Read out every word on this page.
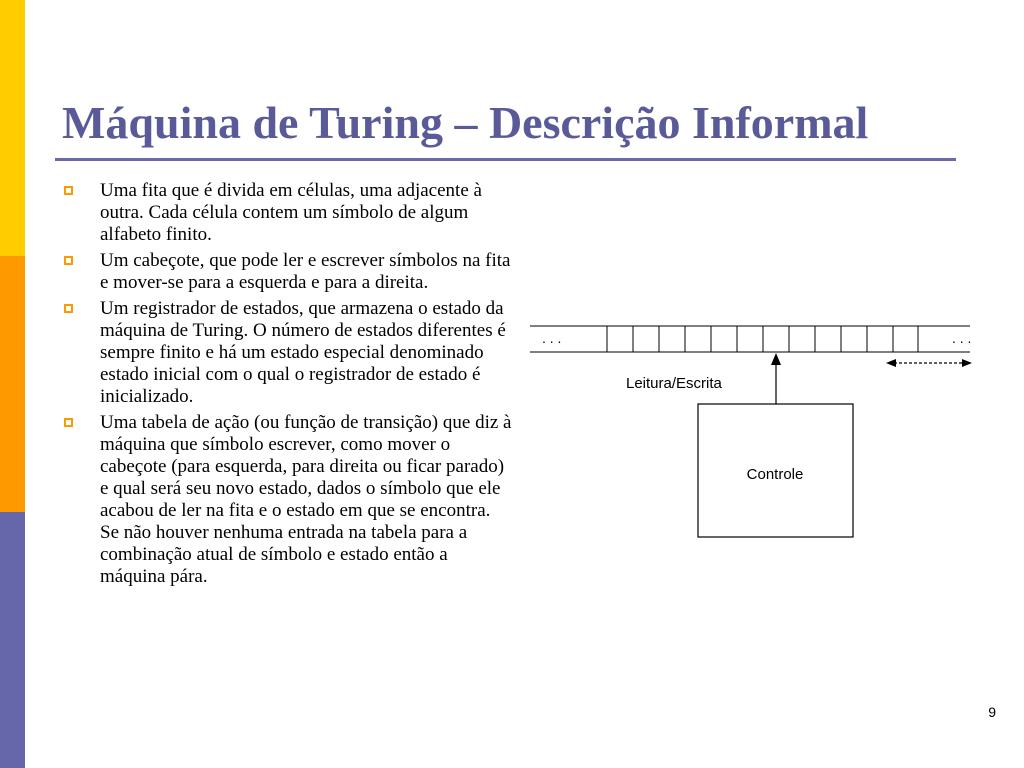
Máquina de Turing – Descrição Informal
Uma fita que é divida em células, uma adjacente à outra. Cada célula contem um símbolo de algum alfabeto finito.
Um cabeçote, que pode ler e escrever símbolos na fita e mover-se para a esquerda e para a direita.
Um registrador de estados, que armazena o estado da máquina de Turing. O número de estados diferentes é sempre finito e há um estado especial denominado estado inicial com o qual o registrador de estado é inicializado.
Uma tabela de ação (ou função de transição) que diz à máquina que símbolo escrever, como mover o cabeçote (para esquerda, para direita ou ficar parado) e qual será seu novo estado, dados o símbolo que ele acabou de ler na fita e o estado em que se encontra. Se não houver nenhuma entrada na tabela para a combinação atual de símbolo e estado então a máquina pára.
. . .	. . .
Leitura/Escrita
Controle
9
